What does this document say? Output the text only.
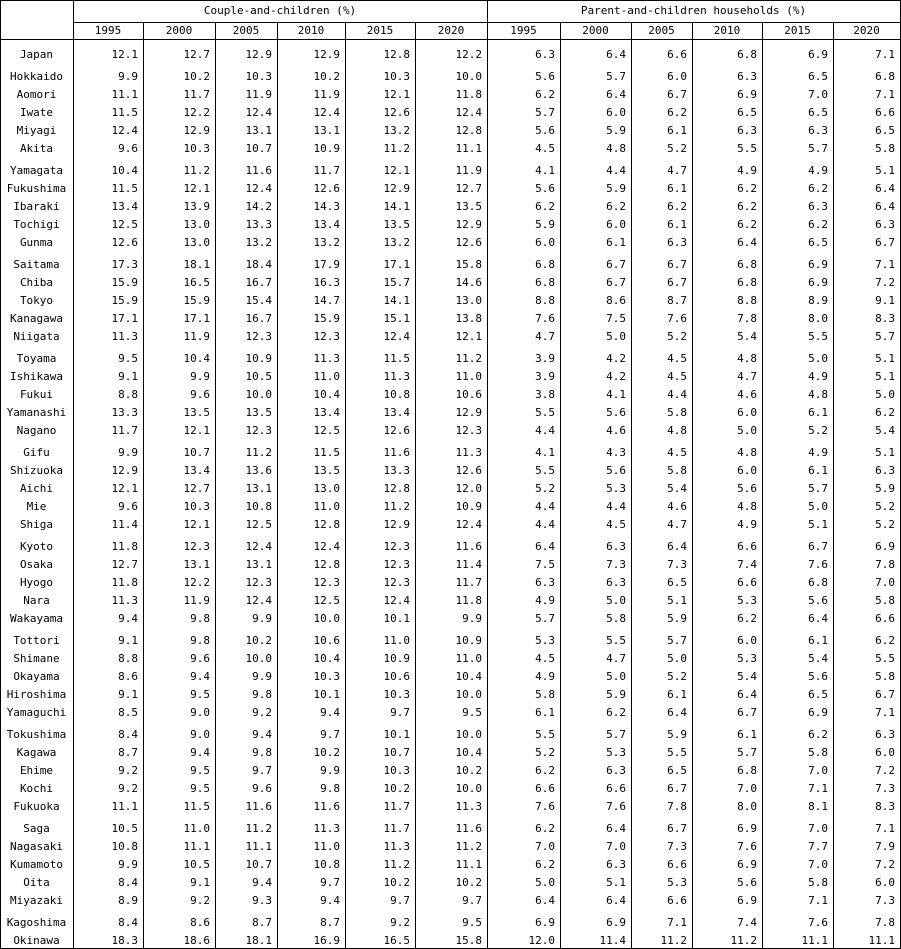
Couple-and-children (%)	Parent-and-children households (%)
1995	2000	2005	2010	2015	2020	1995	2000	2005	2010	2015	2020
Japan	12.1	12.7	12.9	12.9	12.8	12.2	6.3	6.4	6.6	6.8	6.9	7.1
Hokkaido	9.9	10.2	10.3	10.2	10.3	10.0	5.6	5.7	6.0	6.3	6.5	6.8
Aomori	11.1	11.7	11.9	11.9	12.1	11.8	6.2	6.4	6.7	6.9	7.0	7.1
Iwate	11.5	12.2	12.4	12.4	12.6	12.4	5.7	6.0	6.2	6.5	6.5	6.6
Miyagi	12.4	12.9	13.1	13.1	13.2	12.8	5.6	5.9	6.1	6.3	6.3	6.5
Akita	9.6	10.3	10.7	10.9	11.2	11.1	4.5	4.8	5.2	5.5	5.7	5.8
Yamagata	10.4	11.2	11.6	11.7	12.1	11.9	4.1	4.4	4.7	4.9	4.9	5.1
Fukushima	11.5	12.1	12.4	12.6	12.9	12.7	5.6	5.9	6.1	6.2	6.2	6.4
Ibaraki	13.4	13.9	14.2	14.3	14.1	13.5	6.2	6.2	6.2	6.2	6.3	6.4
Tochigi	12.5	13.0	13.3	13.4	13.5	12.9	5.9	6.0	6.1	6.2	6.2	6.3
Gunma	12.6	13.0	13.2	13.2	13.2	12.6	6.0	6.1	6.3	6.4	6.5	6.7
Saitama	17.3	18.1	18.4	17.9	17.1	15.8	6.8	6.7	6.7	6.8	6.9	7.1
Chiba	15.9	16.5	16.7	16.3	15.7	14.6	6.8	6.7	6.7	6.8	6.9	7.2
Tokyo	15.9	15.9	15.4	14.7	14.1	13.0	8.8	8.6	8.7	8.8	8.9	9.1
Kanagawa	17.1	17.1	16.7	15.9	15.1	13.8	7.6	7.5	7.6	7.8	8.0	8.3
Niigata	11.3	11.9	12.3	12.3	12.4	12.1	4.7	5.0	5.2	5.4	5.5	5.7
Toyama	9.5	10.4	10.9	11.3	11.5	11.2	3.9	4.2	4.5	4.8	5.0	5.1
Ishikawa	9.1	9.9	10.5	11.0	11.3	11.0	3.9	4.2	4.5	4.7	4.9	5.1
Fukui	8.8	9.6	10.0	10.4	10.8	10.6	3.8	4.1	4.4	4.6	4.8	5.0
Yamanashi	13.3	13.5	13.5	13.4	13.4	12.9	5.5	5.6	5.8	6.0	6.1	6.2
Nagano	11.7	12.1	12.3	12.5	12.6	12.3	4.4	4.6	4.8	5.0	5.2	5.4
Gifu	9.9	10.7	11.2	11.5	11.6	11.3	4.1	4.3	4.5	4.8	4.9	5.1
Shizuoka	12.9	13.4	13.6	13.5	13.3	12.6	5.5	5.6	5.8	6.0	6.1	6.3
Aichi	12.1	12.7	13.1	13.0	12.8	12.0	5.2	5.3	5.4	5.6	5.7	5.9
Mie	9.6	10.3	10.8	11.0	11.2	10.9	4.4	4.4	4.6	4.8	5.0	5.2
Shiga	11.4	12.1	12.5	12.8	12.9	12.4	4.4	4.5	4.7	4.9	5.1	5.2
Kyoto	11.8	12.3	12.4	12.4	12.3	11.6	6.4	6.3	6.4	6.6	6.7	6.9
Osaka	12.7	13.1	13.1	12.8	12.3	11.4	7.5	7.3	7.3	7.4	7.6	7.8
Hyogo	11.8	12.2	12.3	12.3	12.3	11.7	6.3	6.3	6.5	6.6	6.8	7.0
Nara	11.3	11.9	12.4	12.5	12.4	11.8	4.9	5.0	5.1	5.3	5.6	5.8
Wakayama	9.4	9.8	9.9	10.0	10.1	9.9	5.7	5.8	5.9	6.2	6.4	6.6
Tottori	9.1	9.8	10.2	10.6	11.0	10.9	5.3	5.5	5.7	6.0	6.1	6.2
Shimane	8.8	9.6	10.0	10.4	10.9	11.0	4.5	4.7	5.0	5.3	5.4	5.5
Okayama	8.6	9.4	9.9	10.3	10.6	10.4	4.9	5.0	5.2	5.4	5.6	5.8
Hiroshima	9.1	9.5	9.8	10.1	10.3	10.0	5.8	5.9	6.1	6.4	6.5	6.7
Yamaguchi	8.5	9.0	9.2	9.4	9.7	9.5	6.1	6.2	6.4	6.7	6.9	7.1
Tokushima	8.4	9.0	9.4	9.7	10.1	10.0	5.5	5.7	5.9	6.1	6.2	6.3
Kagawa	8.7	9.4	9.8	10.2	10.7	10.4	5.2	5.3	5.5	5.7	5.8	6.0
Ehime	9.2	9.5	9.7	9.9	10.3	10.2	6.2	6.3	6.5	6.8	7.0	7.2
Kochi	9.2	9.5	9.6	9.8	10.2	10.0	6.6	6.6	6.7	7.0	7.1	7.3
Fukuoka	11.1	11.5	11.6	11.6	11.7	11.3	7.6	7.6	7.8	8.0	8.1	8.3
Saga	10.5	11.0	11.2	11.3	11.7	11.6	6.2	6.4	6.7	6.9	7.0	7.1
Nagasaki	10.8	11.1	11.1	11.0	11.3	11.2	7.0	7.0	7.3	7.6	7.7	7.9
Kumamoto	9.9	10.5	10.7	10.8	11.2	11.1	6.2	6.3	6.6	6.9	7.0	7.2
Oita	8.4	9.1	9.4	9.7	10.2	10.2	5.0	5.1	5.3	5.6	5.8	6.0
Miyazaki	8.9	9.2	9.3	9.4	9.7	9.7	6.4	6.4	6.6	6.9	7.1	7.3
Kagoshima	8.4	8.6	8.7	8.7	9.2	9.5	6.9	6.9	7.1	7.4	7.6	7.8
Okinawa	18.3	18.6	18.1	16.9	16.5	15.8	12.0	11.4	11.2	11.2	11.1	11.1
